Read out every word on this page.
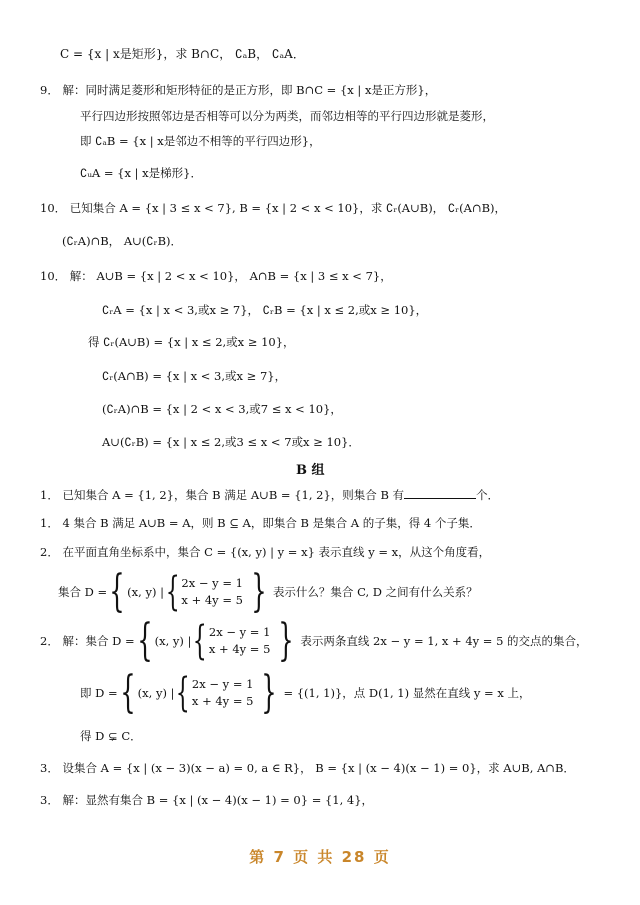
C = {x | x是矩形}，求 B∩C， ∁ₐB， ∁ₐA．
9． 解：同时满足菱形和矩形特征的是正方形，即 B∩C = {x | x是正方形}，
平行四边形按照邻边是否相等可以分为两类，而邻边相等的平行四边形就是菱形，
即 ∁ₐB = {x | x是邻边不相等的平行四边形}，
∁ᵤA = {x | x是梯形}．
10． 已知集合 A = {x | 3 ≤ x < 7}, B = {x | 2 < x < 10}，求 ∁ᵣ(A∪B)， ∁ᵣ(A∩B)，
(∁ᵣA)∩B， A∪(∁ᵣB)．
10． 解： A∪B = {x | 2 < x < 10}， A∩B = {x | 3 ≤ x < 7}，
∁ᵣA = {x | x < 3,或x ≥ 7}， ∁ᵣB = {x | x ≤ 2,或x ≥ 10}，
得 ∁ᵣ(A∪B) = {x | x ≤ 2,或x ≥ 10}，
∁ᵣ(A∩B) = {x | x < 3,或x ≥ 7}，
(∁ᵣA)∩B = {x | 2 < x < 3,或7 ≤ x < 10}，
A∪(∁ᵣB) = {x | x ≤ 2,或3 ≤ x < 7或x ≥ 10}．
B 组
1． 已知集合 A = {1, 2}，集合 B 满足 A∪B = {1, 2}，则集合 B 有	个．
1． 4 集合 B 满足 A∪B = A，则 B ⊆ A，即集合 B 是集合 A 的子集，得 4 个子集．
2． 在平面直角坐标系中，集合 C = {(x, y) | y = x} 表示直线 y = x，从这个角度看，
集合 D = { (x, y) | { 2x − y = 1
x + 4y = 5 } 表示什么？集合 C, D 之间有什么关系？
2． 解：集合 D = { (x, y) | { 2x − y = 1
x + 4y = 5 } 表示两条直线 2x − y = 1, x + 4y = 5 的交点的集合，
即 D = { (x, y) | { 2x − y = 1
x + 4y = 5 } = {(1, 1)}，点 D(1, 1) 显然在直线 y = x 上，
得 D ⊊ C．
3． 设集合 A = {x | (x − 3)(x − a) = 0, a ∈ R}， B = {x | (x − 4)(x − 1) = 0}，求 A∪B, A∩B．
3． 解：显然有集合 B = {x | (x − 4)(x − 1) = 0} = {1, 4}，
第 7 页 共 28 页
